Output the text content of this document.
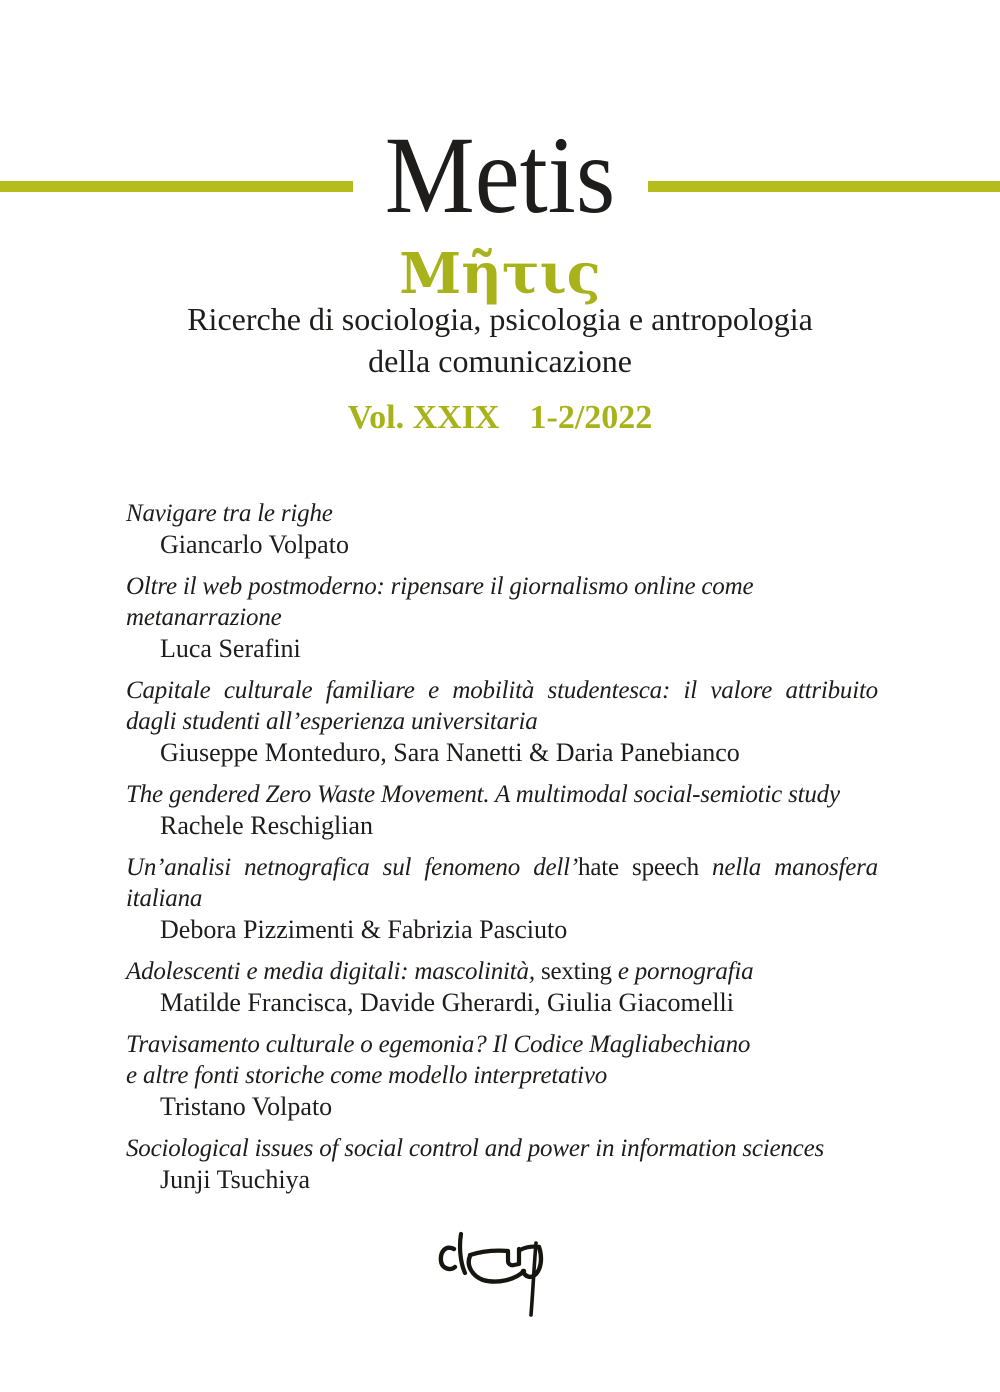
Metis
Μῆτις
Ricerche di sociologia, psicologia e antropologia
della comunicazione
Vol. XXIX 1-2/2022
Navigare tra le righe
Giancarlo Volpato
Oltre il web postmoderno: ripensare il giornalismo online come
metanarrazione
Luca Serafini
Capitale culturale familiare e mobilità studentesca: il valore attribuito
dagli studenti all’esperienza universitaria
Giuseppe Monteduro, Sara Nanetti & Daria Panebianco
The gendered Zero Waste Movement. A multimodal social-semiotic study
Rachele Reschiglian
Un’analisi netnografica sul fenomeno dell’hate speech nella manosfera
italiana
Debora Pizzimenti & Fabrizia Pasciuto
Adolescenti e media digitali: mascolinità, sexting e pornografia
Matilde Francisca, Davide Gherardi, Giulia Giacomelli
Travisamento culturale o egemonia? Il Codice Magliabechiano
e altre fonti storiche come modello interpretativo
Tristano Volpato
Sociological issues of social control and power in information sciences
Junji Tsuchiya
